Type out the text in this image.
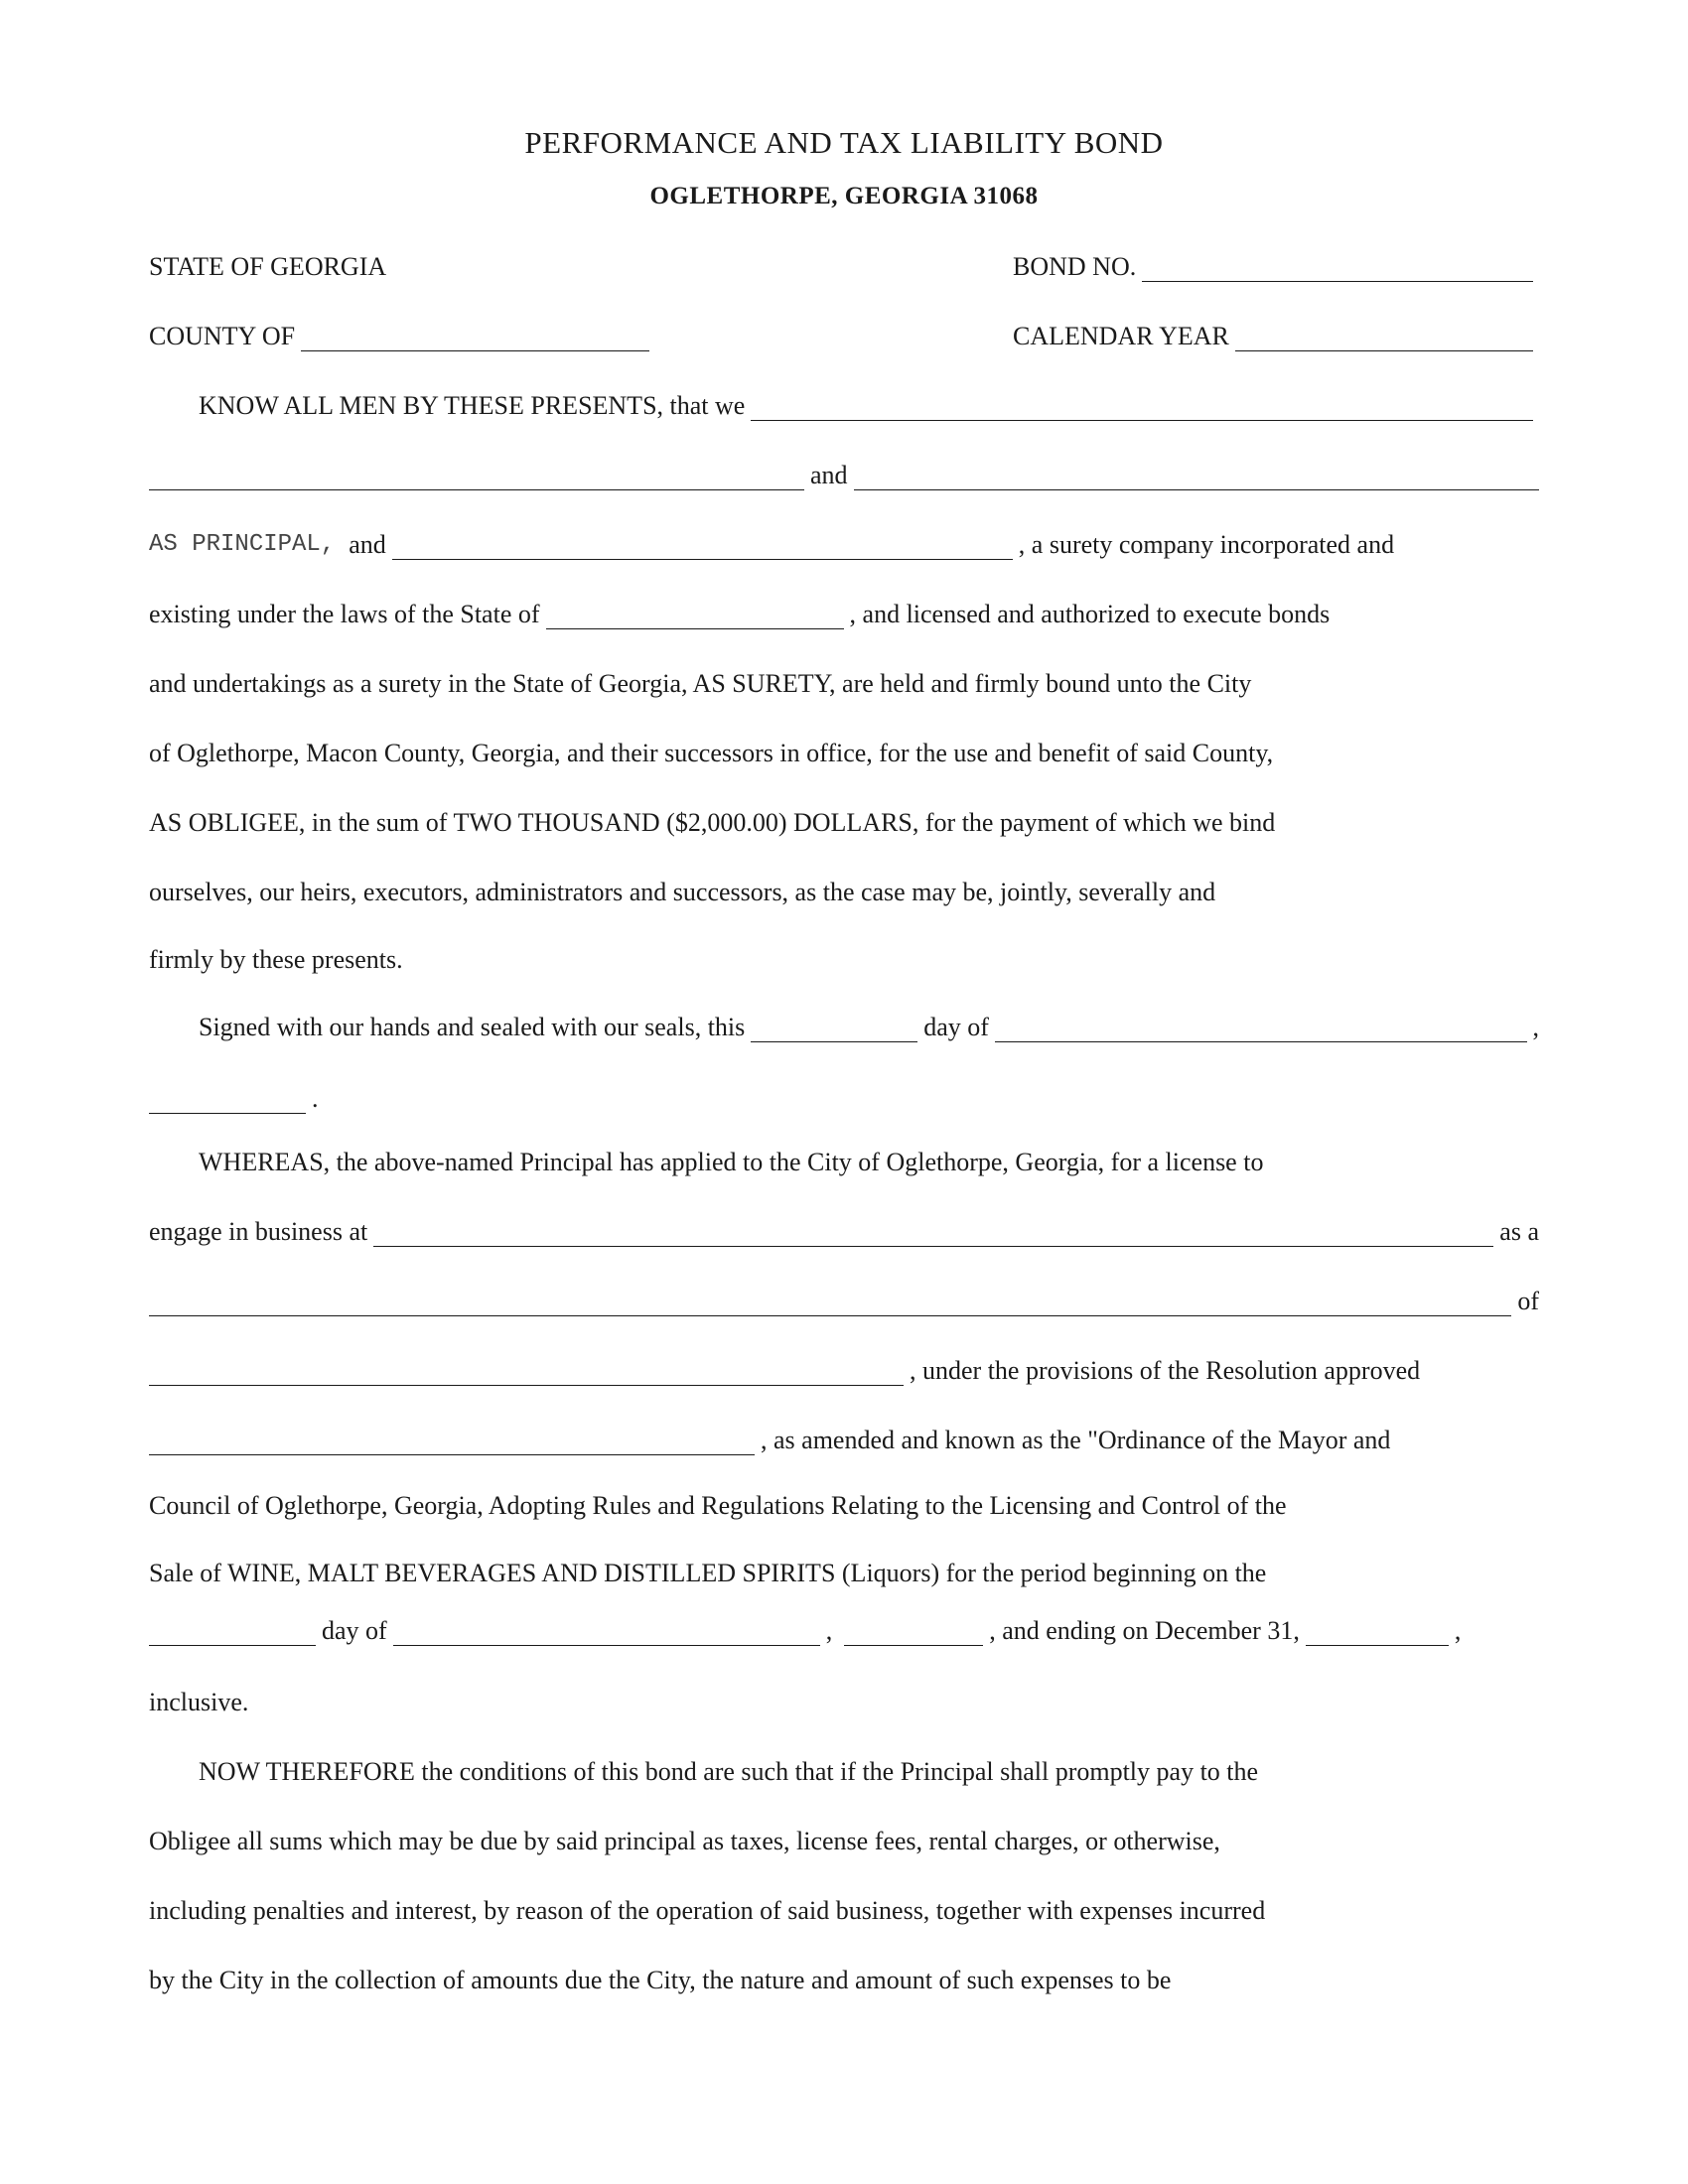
PERFORMANCE AND TAX LIABILITY BOND
OGLETHORPE, GEORGIA 31068
STATE OF GEORGIA	BOND NO.
COUNTY OF	CALENDAR YEAR
KNOW ALL MEN BY THESE PRESENTS, that we
and
AS PRINCIPAL, and	, a surety company incorporated and
existing under the laws of the State of	, and licensed and authorized to execute bonds
and undertakings as a surety in the State of Georgia, AS SURETY, are held and firmly bound unto the City
of Oglethorpe, Macon County, Georgia, and their successors in office, for the use and benefit of said County,
AS OBLIGEE, in the sum of TWO THOUSAND ($2,000.00) DOLLARS, for the payment of which we bind
ourselves, our heirs, executors, administrators and successors, as the case may be, jointly, severally and
firmly by these presents.
Signed with our hands and sealed with our seals, this	day of	,
.
WHEREAS, the above-named Principal has applied to the City of Oglethorpe, Georgia, for a license to
engage in business at	as a
of
, under the provisions of the Resolution approved
, as amended and known as the "Ordinance of the Mayor and
Council of Oglethorpe, Georgia, Adopting Rules and Regulations Relating to the Licensing and Control of the
Sale of WINE, MALT BEVERAGES AND DISTILLED SPIRITS (Liquors) for the period beginning on the
day of	,	, and ending on December 31,	,
inclusive.
NOW THEREFORE the conditions of this bond are such that if the Principal shall promptly pay to the
Obligee all sums which may be due by said principal as taxes, license fees, rental charges, or otherwise,
including penalties and interest, by reason of the operation of said business, together with expenses incurred
by the City in the collection of amounts due the City, the nature and amount of such expenses to be
